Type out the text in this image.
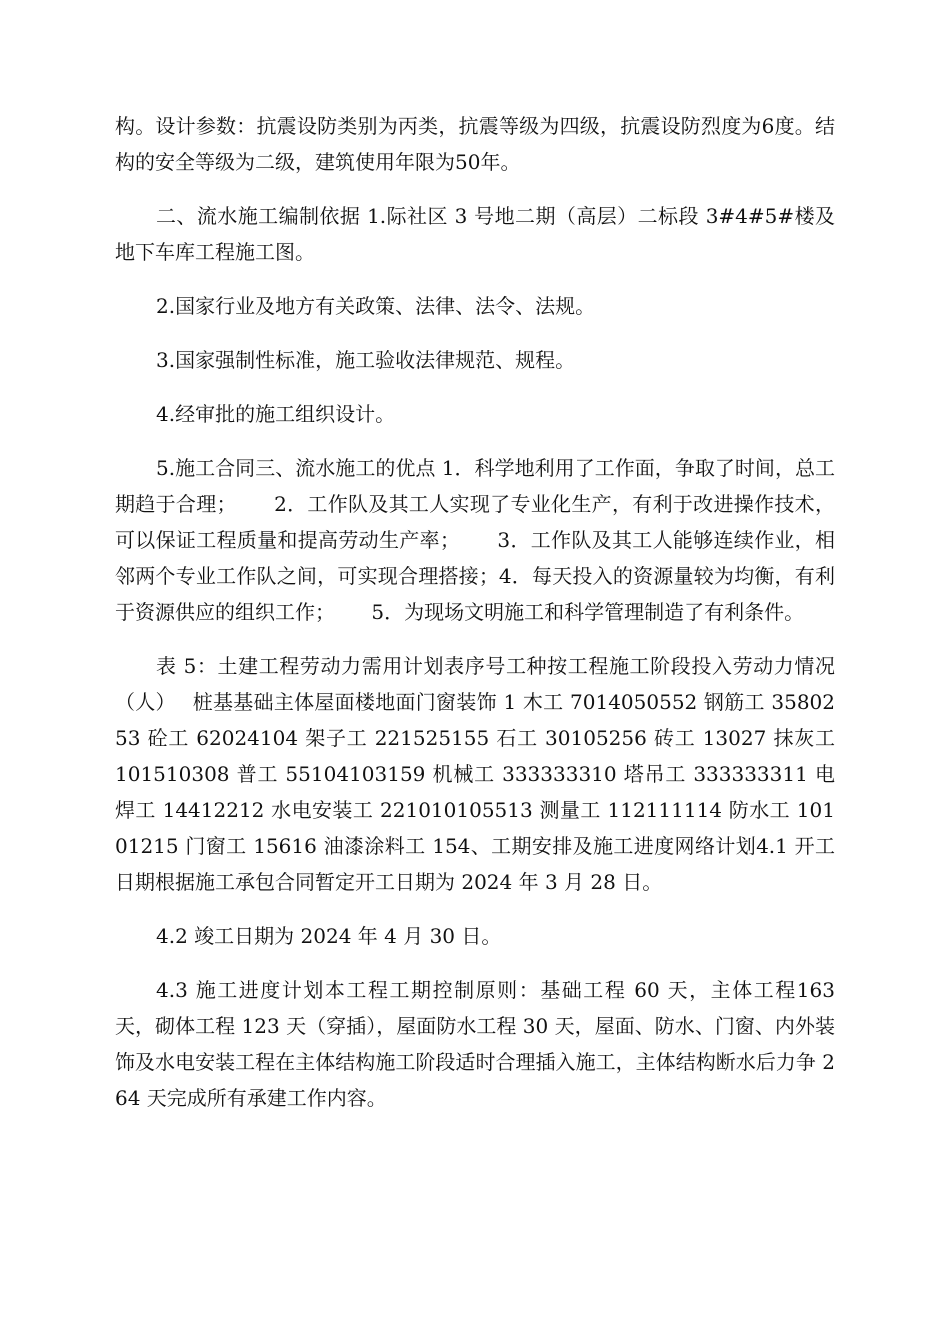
构。设计参数：抗震设防类别为丙类，抗震等级为四级，抗震设防烈度为6度。结构的安全等级为二级，建筑使用年限为50年。

二、流水施工编制依据 1.际社区 3 号地二期（高层）二标段 3#4#5#楼及地下车库工程施工图。

2.国家行业及地方有关政策、法律、法令、法规。

3.国家强制性标准，施工验收法律规范、规程。

4.经审批的施工组织设计。

5.施工合同三、流水施工的优点 1．科学地利用了工作面，争取了时间，总工期趋于合理；　　 2．工作队及其工人实现了专业化生产，有利于改进操作技术，可以保证工程质量和提高劳动生产率；　　 3．工作队及其工人能够连续作业，相邻两个专业工作队之间，可实现合理搭接；4．每天投入的资源量较为均衡，有利于资源供应的组织工作；　　 5．为现场文明施工和科学管理制造了有利条件。

表 5：土建工程劳动力需用计划表序号工种按工程施工阶段投入劳动力情况（人）　 桩基基础主体屋面楼地面门窗装饰 1 木工 7014050552 钢筋工 3580253 砼工 62024104 架子工 221525155 石工 30105256 砖工 13027 抹灰工 101510308 普工 55104103159 机械工 333333310 塔吊工 333333311 电焊工 14412212 水电安装工 221010105513 测量工 112111114 防水工 10101215 门窗工 15616 油漆涂料工 154、工期安排及施工进度网络计划4.1 开工日期根据施工承包合同暂定开工日期为 2024 年 3 月 28 日。

4.2 竣工日期为 2024 年 4 月 30 日。

4.3 施工进度计划本工程工期控制原则：基础工程 60 天，主体工程163 天，砌体工程 123 天（穿插），屋面防水工程 30 天，屋面、防水、门窗、内外装饰及水电安装工程在主体结构施工阶段适时合理插入施工，主体结构断水后力争 264 天完成所有承建工作内容。
